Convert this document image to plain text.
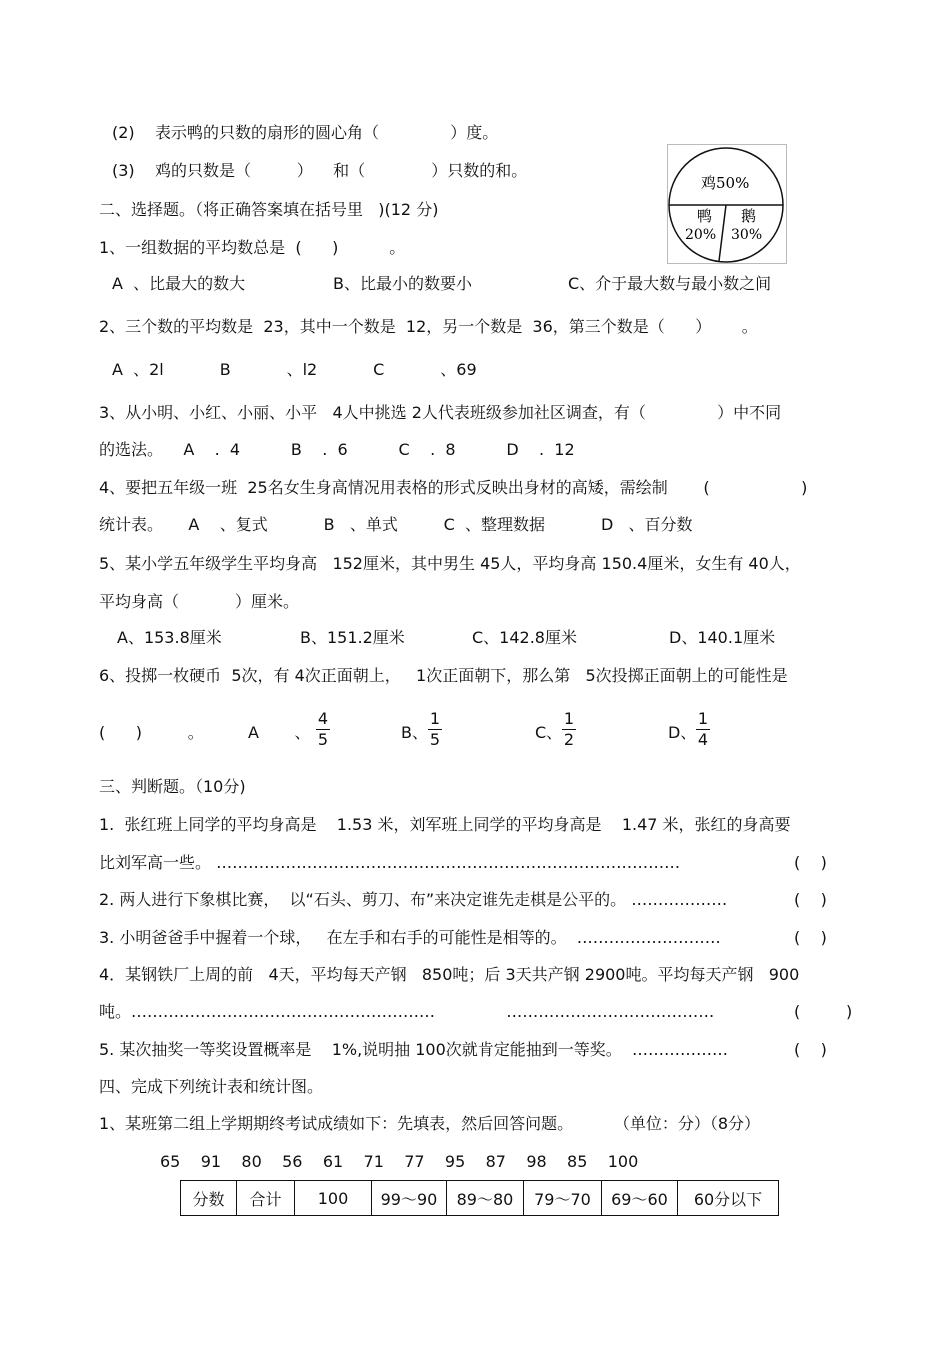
(2)    表示鸭的只数的扇形的圆心角（              ）度。
(3)    鸡的只数是（         ）    和（             ）只数的和。
鸡50%
鸭
20%
鹅
30%
二、选择题。（将正确答案填在括号里   )(12 分)
1、一组数据的平均数总是  (      )          。
A  、比最大的数大	B、比最小的数要小	C、介于最大数与最小数之间
2、三个数的平均数是  23，其中一个数是  12，另一个数是  36，第三个数是（      ）      。
A  、2l           B           、l2           C           、69
3、从小明、小红、小丽、小平   4人中挑选 2人代表班级参加社区调查，有（              ）中不同
的选法。    A    .  4          B    .  6          C    .  8          D    .  12
4、要把五年级一班  25名女生身高情况用表格的形式反映出身材的高矮，需绘制       (                  )
统计表。     A    、复式           B   、单式         C  、整理数据           D   、百分数
5、某小学五年级学生平均身高   152厘米，其中男生 45人，平均身高 150.4厘米，女生有 40人，
平均身高（           ）厘米。
A、153.8厘米	B、151.2厘米	C、142.8厘米	D、140.1厘米
6、投掷一枚硬币  5次，有 4次正面朝上，   1次正面朝下，那么第   5次投掷正面朝上的可能性是
(      )         。	A       、
4
5	B、
1
5	C、
1
2	D、
1
4
三、判断题。（10分)
1.  张红班上同学的平均身高是    1.53 米，刘军班上同学的平均身高是    1.47 米，张红的身高要
比刘军高一些。 ……………………………………………………………………………	(    )
2. 两人进行下象棋比赛，  以“石头、剪刀、布”来决定谁先走棋是公平的。 ………………	(    )
3. 小明爸爸手中握着一个球，   在左手和右手的可能性是相等的。  ………………………	(    )
4．某钢铁厂上周的前   4天，平均每天产钢   850吨；后 3天共产钢 2900吨。平均每天产钢   900
吨。…………………………………………………              …………………………………	(         )
5. 某次抽奖一等奖设置概率是    1%,说明抽 100次就肯定能抽到一等奖。  ………………	(    )
四、完成下列统计表和统计图。
1、某班第二组上学期期终考试成绩如下：先填表，然后回答问题。        （单位：分）（8分）
65    91    80    56    61    71    77    95    87    98    85    100
分数	合计	100	99～90	89～80	79～70	69～60	60分以下
